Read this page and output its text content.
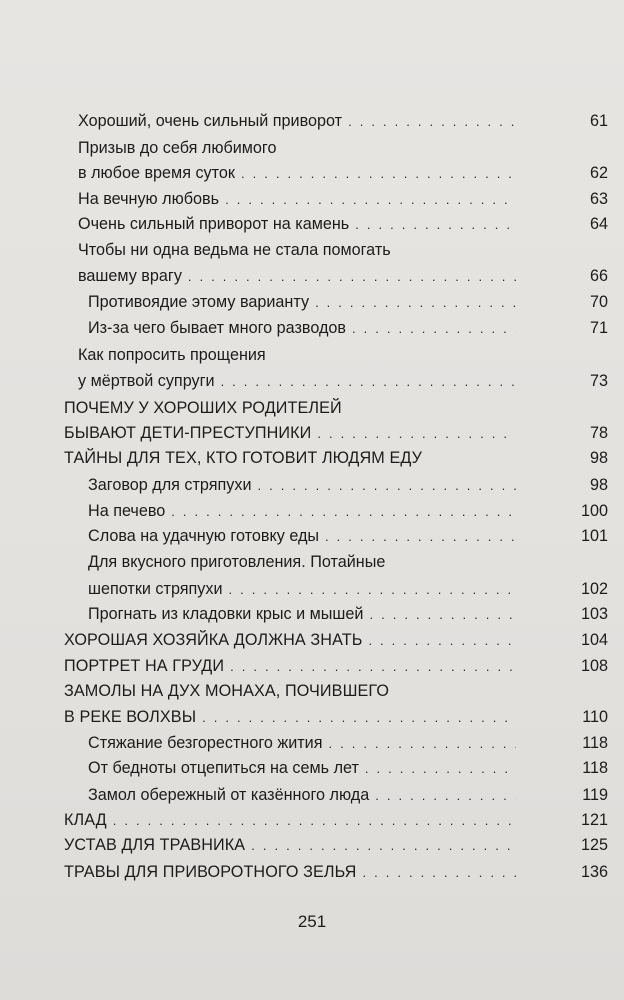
Хороший, очень сильный приворот . . .	61
Призыв до себя любимого
в любое время суток . . .	62
На вечную любовь . . .	63
Очень сильный приворот на камень . . .	64
Чтобы ни одна ведьма не стала помогать
вашему врагу . . .	66
Противоядие этому варианту . . .	70
Из-за чего бывает много разводов . . .	71
Как попросить прощения
у мёртвой супруги . . .	73
ПОЧЕМУ У ХОРОШИХ РОДИТЕЛЕЙ
БЫВАЮТ ДЕТИ-ПРЕСТУПНИКИ . . .	78
ТАЙНЫ ДЛЯ ТЕХ, КТО ГОТОВИТ ЛЮДЯМ ЕДУ	98
Заговор для стряпухи . . .	98
На печево . . .	100
Слова на удачную готовку еды . . .	101
Для вкусного приготовления. Потайные
шепотки стряпухи . . .	102
Прогнать из кладовки крыс и мышей . . .	103
ХОРОШАЯ ХОЗЯЙКА ДОЛЖНА ЗНАТЬ . . .	104
ПОРТРЕТ НА ГРУДИ . . .	108
ЗАМОЛЫ НА ДУХ МОНАХА, ПОЧИВШЕГО
В РЕКЕ ВОЛХВЫ . . .	110
Стяжание безгорестного жития . . .	118
От бедноты отцепиться на семь лет . . .	118
Замол обережный от казённого люда . . .	119
КЛАД . . .	121
УСТАВ ДЛЯ ТРАВНИКА . . .	125
ТРАВЫ ДЛЯ ПРИВОРОТНОГО ЗЕЛЬЯ . . .	136
251
